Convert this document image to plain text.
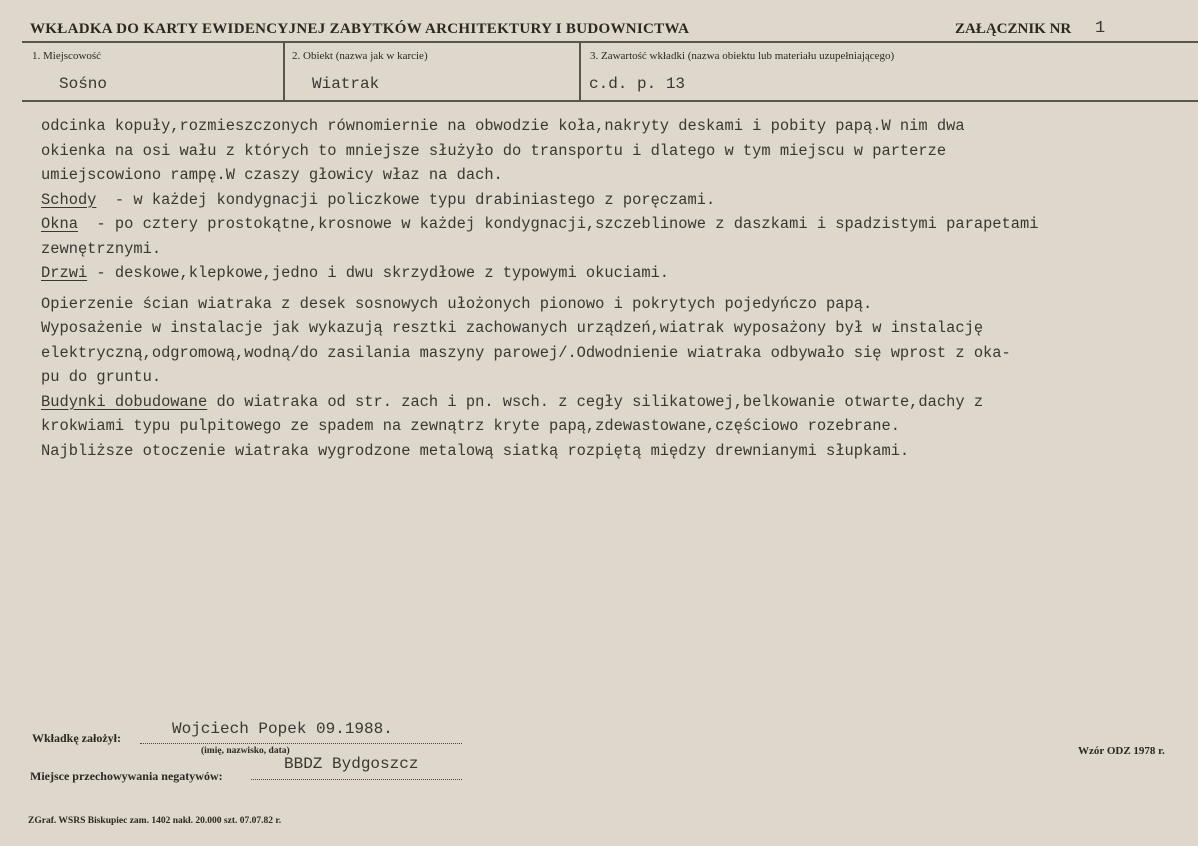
WKŁADKA DO KARTY EWIDENCYJNEJ ZABYTKÓW ARCHITEKTURY I BUDOWNICTWA	ZAŁĄCZNIK NR 1
1. Miejscowość
Sośno
2. Obiekt (nazwa jak w karcie)
Wiatrak
3. Zawartość wkładki (nazwa obiektu lub materiału uzupełniającego)
c.d. p. 13
odcinka kopuły,rozmieszczonych równomiernie na obwodzie koła,nakryty deskami i pobity papą.W nim dwa
okienka na osi wału z których to mniejsze służyło do transportu i dlatego w tym miejscu w parterze
umiejscowiono rampę.W czaszy głowicy właz na dach.
Schody  - w każdej kondygnacji policzkowe typu drabiniastego z poręczami.
Okna  - po cztery prostokątne,krosnowe w każdej kondygnacji,szczeblinowe z daszkami i spadzistymi parapetami
zewnętrznymi.
Drzwi - deskowe,klepkowe,jedno i dwu skrzydłowe z typowymi okuciami.
Opierzenie ścian wiatraka z desek sosnowych ułożonych pionowo i pokrytych pojedyńczo papą.
Wyposażenie w instalacje jak wykazują resztki zachowanych urządzeń,wiatrak wyposażony był w instalację
elektryczną,odgromową,wodną/do zasilania maszyny parowej/.Odwodnienie wiatraka odbywało się wprost z oka-
pu do gruntu.
Budynki dobudowane do wiatraka od str. zach i pn. wsch. z cegły silikatowej,belkowanie otwarte,dachy z
krokwiami typu pulpitowego ze spadem na zewnątrz kryte papą,zdewastowane,częściowo rozebrane.
Najbliższe otoczenie wiatraka wygrodzone metalową siatką rozpiętą między drewnianymi słupkami.
Wkładkę założył:	Wojciech Popek 09.1988.
(imię, nazwisko, data)
Miejsce przechowywania negatywów:
BBDZ Bydgoszcz
Wzór ODZ 1978 r.
ZGraf. WSRS Biskupiec zam. 1402 nakł. 20.000 szt. 07.07.82 r.
